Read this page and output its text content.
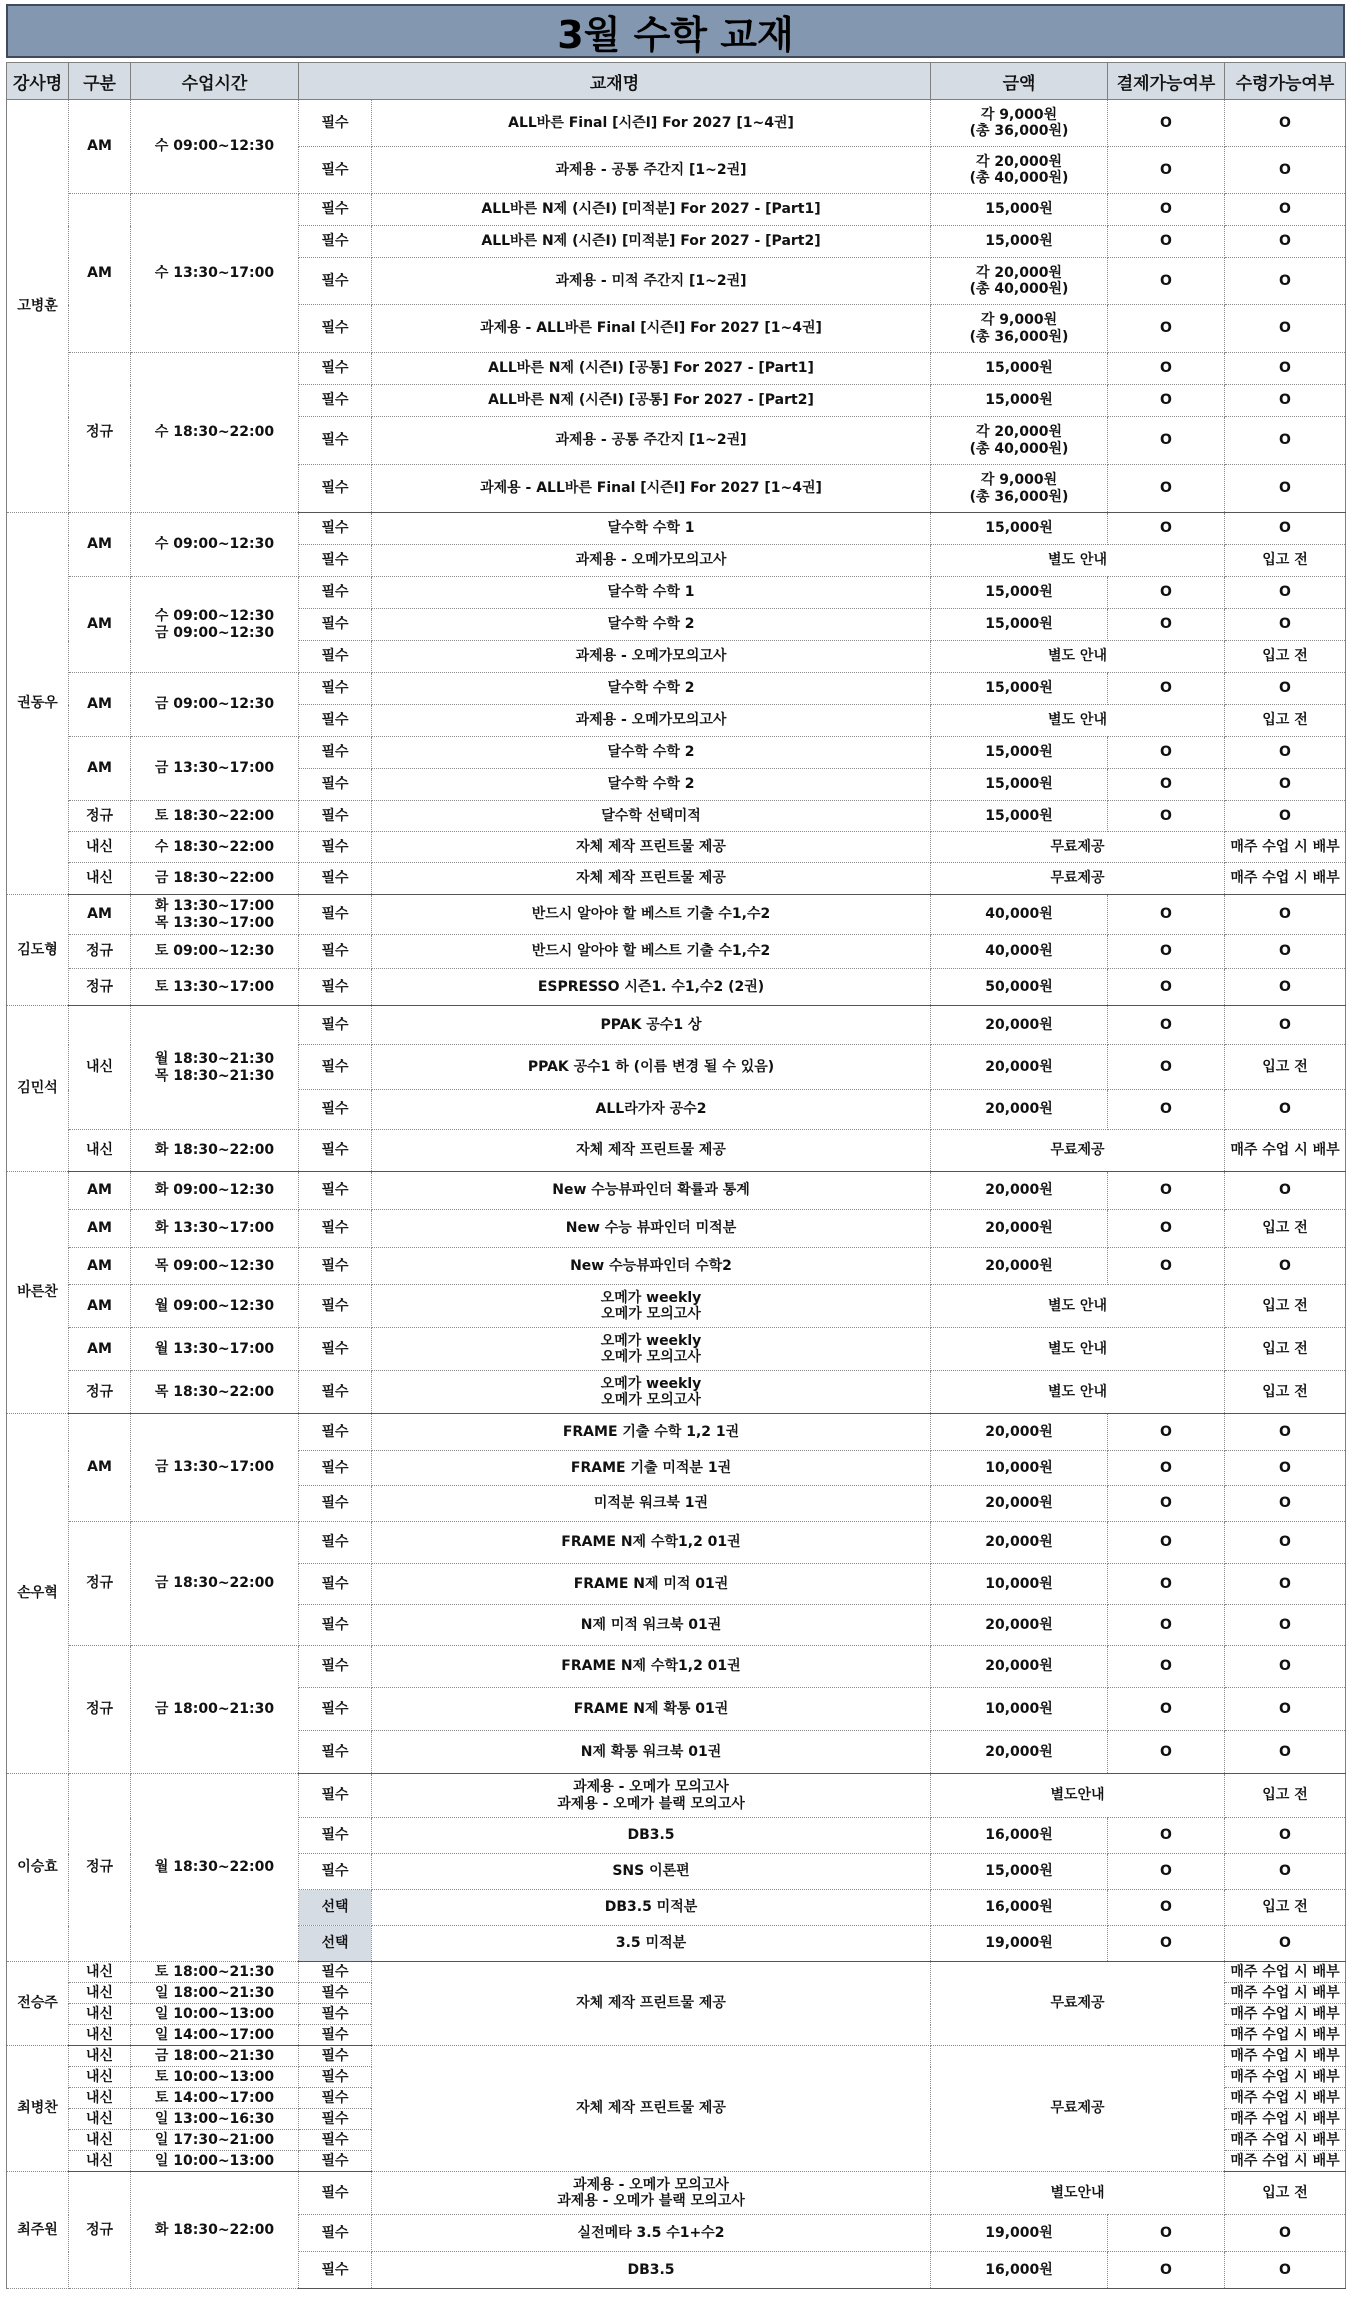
3월 수학 교재
강사명	구분	수업시간	교재명		금액	결제가능여부	수령가능여부
고병훈	AM	수 09:00~12:30	필수	ALL바른 Final [시즌Ⅰ] For 2027 [1~4권]	각 9,000원
(총 36,000원)	O	O
			필수	과제용 - 공통 주간지 [1~2권]	각 20,000원
(총 40,000원)	O	O
	AM	수 13:30~17:00	필수	ALL바른 N제 (시즌Ⅰ) [미적분] For 2027 - [Part1]	15,000원	O	O
			필수	ALL바른 N제 (시즌Ⅰ) [미적분] For 2027 - [Part2]	15,000원	O	O
			필수	과제용 - 미적 주간지 [1~2권]	각 20,000원
(총 40,000원)	O	O
			필수	과제용 - ALL바른 Final [시즌Ⅰ] For 2027 [1~4권]	각 9,000원
(총 36,000원)	O	O
	정규	수 18:30~22:00	필수	ALL바른 N제 (시즌Ⅰ) [공통] For 2027 - [Part1]	15,000원	O	O
			필수	ALL바른 N제 (시즌Ⅰ) [공통] For 2027 - [Part2]	15,000원	O	O
			필수	과제용 - 공통 주간지 [1~2권]	각 20,000원
(총 40,000원)	O	O
			필수	과제용 - ALL바른 Final [시즌Ⅰ] For 2027 [1~4권]	각 9,000원
(총 36,000원)	O	O
권동우	AM	수 09:00~12:30	필수	달수학 수학 1	15,000원	O	O
			필수	과제용 - 오메가모의고사	별도 안내		입고 전
	AM	수 09:00~12:30
금 09:00~12:30	필수	달수학 수학 1	15,000원	O	O
			필수	달수학 수학 2	15,000원	O	O
			필수	과제용 - 오메가모의고사	별도 안내		입고 전
	AM	금 09:00~12:30	필수	달수학 수학 2	15,000원	O	O
			필수	과제용 - 오메가모의고사	별도 안내		입고 전
	AM	금 13:30~17:00	필수	달수학 수학 2	15,000원	O	O
			필수	달수학 수학 2	15,000원	O	O
	정규	토 18:30~22:00	필수	달수학 선택미적	15,000원	O	O
	내신	수 18:30~22:00	필수	자체 제작 프린트물 제공	무료제공		매주 수업 시 배부
	내신	금 18:30~22:00	필수	자체 제작 프린트물 제공	무료제공		매주 수업 시 배부
김도형	AM	화 13:30~17:00
목 13:30~17:00	필수	반드시 알아야 할 베스트 기출 수1,수2	40,000원	O	O
	정규	토 09:00~12:30	필수	반드시 알아야 할 베스트 기출 수1,수2	40,000원	O	O
	정규	토 13:30~17:00	필수	ESPRESSO 시즌1. 수1,수2 (2권)	50,000원	O	O
김민석	내신	월 18:30~21:30
목 18:30~21:30	필수	PPAK 공수1 상	20,000원	O	O
			필수	PPAK 공수1 하 (이름 변경 될 수 있음)	20,000원	O	입고 전
			필수	ALL라가자 공수2	20,000원	O	O
	내신	화 18:30~22:00	필수	자체 제작 프린트물 제공	무료제공		매주 수업 시 배부
바른찬	AM	화 09:00~12:30	필수	New 수능뷰파인더 확률과 통계	20,000원	O	O
	AM	화 13:30~17:00	필수	New 수능 뷰파인더 미적분	20,000원	O	입고 전
	AM	목 09:00~12:30	필수	New 수능뷰파인더 수학2	20,000원	O	O
	AM	월 09:00~12:30	필수	오메가 weekly
오메가 모의고사	별도 안내		입고 전
	AM	월 13:30~17:00	필수	오메가 weekly
오메가 모의고사	별도 안내		입고 전
	정규	목 18:30~22:00	필수	오메가 weekly
오메가 모의고사	별도 안내		입고 전
손우혁	AM	금 13:30~17:00	필수	FRAME 기출 수학 1,2 1권	20,000원	O	O
			필수	FRAME 기출 미적분 1권	10,000원	O	O
			필수	미적분 워크북 1권	20,000원	O	O
	정규	금 18:30~22:00	필수	FRAME N제 수학1,2 01권	20,000원	O	O
			필수	FRAME N제 미적 01권	10,000원	O	O
			필수	N제 미적 워크북 01권	20,000원	O	O
	정규	금 18:00~21:30	필수	FRAME N제 수학1,2 01권	20,000원	O	O
			필수	FRAME N제 확통 01권	10,000원	O	O
			필수	N제 확통 워크북 01권	20,000원	O	O
이승효	정규	월 18:30~22:00	필수	과제용 - 오메가 모의고사
과제용 - 오메가 블랙 모의고사	별도안내		입고 전
			필수	DB3.5	16,000원	O	O
			필수	SNS 이론편	15,000원	O	O
			선택	DB3.5 미적분	16,000원	O	입고 전
			선택	3.5 미적분	19,000원	O	O
전승주	내신	토 18:00~21:30	필수	자체 제작 프린트물 제공	무료제공		매주 수업 시 배부
	내신	일 18:00~21:30	필수				매주 수업 시 배부
	내신	일 10:00~13:00	필수				매주 수업 시 배부
	내신	일 14:00~17:00	필수				매주 수업 시 배부
최병찬	내신	금 18:00~21:30	필수	자체 제작 프린트물 제공	무료제공		매주 수업 시 배부
	내신	토 10:00~13:00	필수				매주 수업 시 배부
	내신	토 14:00~17:00	필수				매주 수업 시 배부
	내신	일 13:00~16:30	필수				매주 수업 시 배부
	내신	일 17:30~21:00	필수				매주 수업 시 배부
	내신	일 10:00~13:00	필수				매주 수업 시 배부
최주원	정규	화 18:30~22:00	필수	과제용 - 오메가 모의고사
과제용 - 오메가 블랙 모의고사	별도안내		입고 전
			필수	실전메타 3.5 수1+수2	19,000원	O	O
			필수	DB3.5	16,000원	O	O
